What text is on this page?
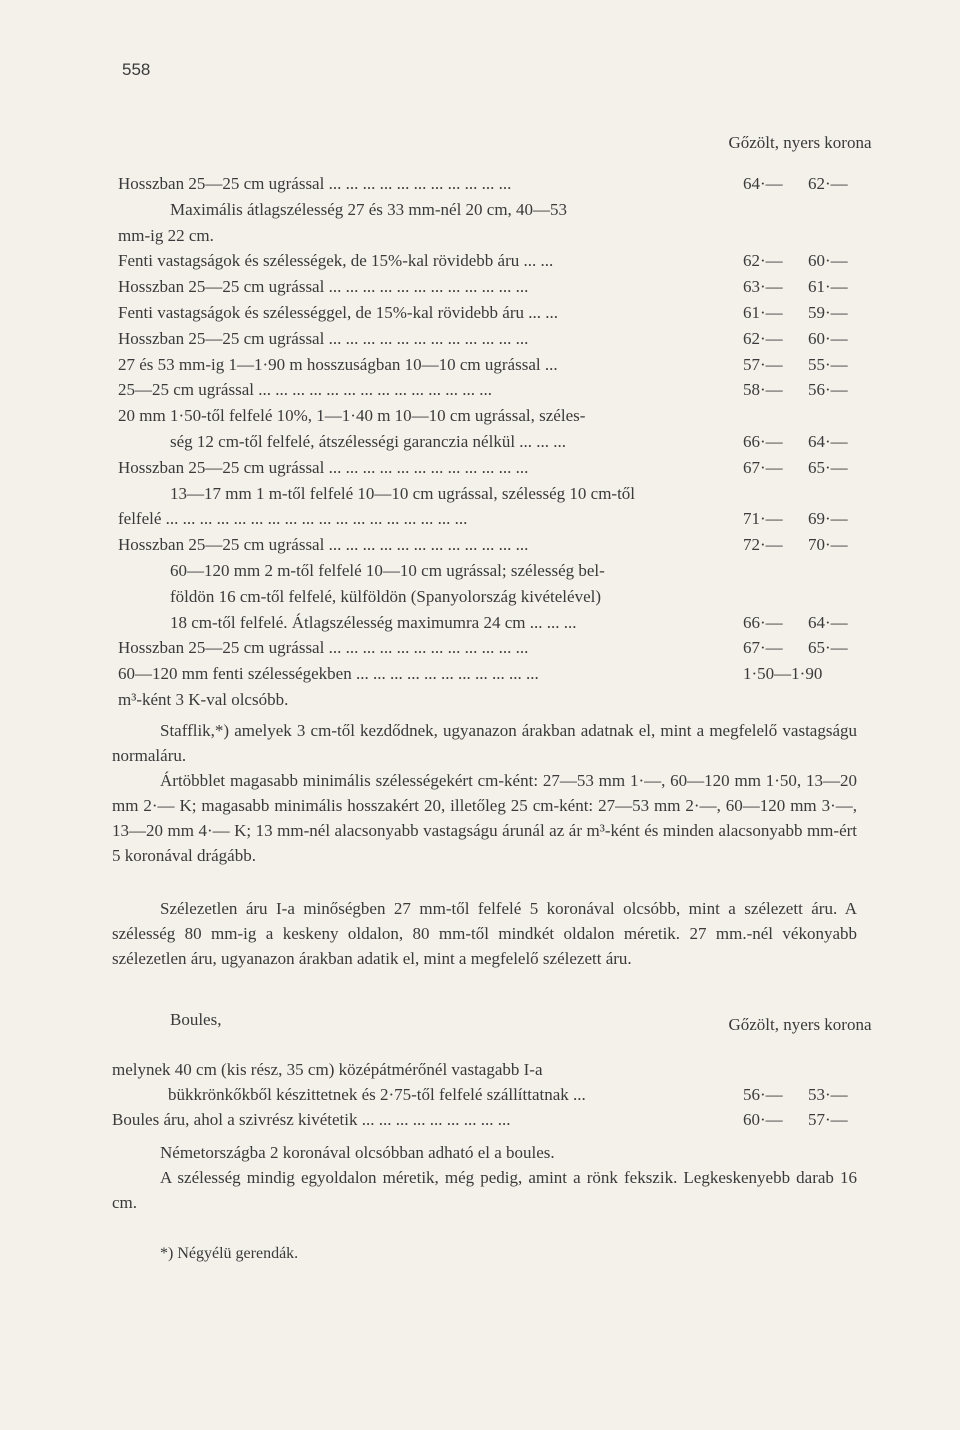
558
Gőzölt, nyers korona
Hosszban 25—25 cm ugrással ... ... ... ... ... ... ... ... ... ... ...	64·—	62·—
Maximális átlagszélesség 27 és 33 mm-nél 20 cm, 40—53
mm-ig 22 cm.
Fenti vastagságok és szélességek, de 15%-kal rövidebb áru ... ...	62·—	60·—
Hosszban 25—25 cm ugrással ... ... ... ... ... ... ... ... ... ... ... ...	63·—	61·—
Fenti vastagságok és szélességgel, de 15%-kal rövidebb áru ... ...	61·—	59·—
Hosszban 25—25 cm ugrással ... ... ... ... ... ... ... ... ... ... ... ...	62·—	60·—
27 és 53 mm-ig 1—1·90 m hosszuságban 10—10 cm ugrással ...	57·—	55·—
25—25 cm ugrással ... ... ... ... ... ... ... ... ... ... ... ... ... ...	58·—	56·—
20 mm 1·50-től felfelé 10%, 1—1·40 m 10—10 cm ugrással, széles-
ség 12 cm-től felfelé, átszélességi garanczia nélkül ... ... ...	66·—	64·—
Hosszban 25—25 cm ugrással ... ... ... ... ... ... ... ... ... ... ... ...	67·—	65·—
13—17 mm 1 m-től felfelé 10—10 cm ugrással, szélesség 10 cm-től
felfelé ... ... ... ... ... ... ... ... ... ... ... ... ... ... ... ... ... ...	71·—	69·—
Hosszban 25—25 cm ugrással ... ... ... ... ... ... ... ... ... ... ... ...	72·—	70·—
60—120 mm 2 m-től felfelé 10—10 cm ugrással; szélesség bel-
földön 16 cm-től felfelé, külföldön (Spanyolország kivételével)
18 cm-től felfelé. Átlagszélesség maximumra 24 cm ... ... ...	66·—	64·—
Hosszban 25—25 cm ugrással ... ... ... ... ... ... ... ... ... ... ... ...	67·—	65·—
60—120 mm fenti szélességekben ... ... ... ... ... ... ... ... ... ... ...	1·50—1·90
m³-ként 3 K-val olcsóbb.
Stafflik,*) amelyek 3 cm-től kezdődnek, ugyanazon árakban adatnak el, mint a megfelelő vastagságu normaláru.
Ártöbblet magasabb minimális szélességekért cm-ként: 27—53 mm 1·—, 60—120 mm 1·50, 13—20 mm 2·— K; magasabb minimális hosszakért 20, illetőleg 25 cm-ként: 27—53 mm 2·—, 60—120 mm 3·—, 13—20 mm 4·— K; 13 mm-nél alacsonyabb vastagságu árunál az ár m³-ként és minden alacsonyabb mm-ért 5 koronával drágább.
Szélezetlen áru I-a minőségben 27 mm-től felfelé 5 koronával olcsóbb, mint a szélezett áru. A szélesség 80 mm-ig a keskeny oldalon, 80 mm-től mindkét oldalon méretik. 27 mm.-nél vékonyabb szélezetlen áru, ugyanazon árakban adatik el, mint a megfelelő szélezett áru.
Boules,	Gőzölt, nyers korona
melynek 40 cm (kis rész, 35 cm) középátmérőnél vastagabb I-a
bükkrönkőkből készittetnek és 2·75-től felfelé szállíttatnak ...	56·—	53·—
Boules áru, ahol a szivrész kivétetik ... ... ... ... ... ... ... ... ...	60·—	57·—
Németországba 2 koronával olcsóbban adható el a boules.
A szélesség mindig egyoldalon méretik, még pedig, amint a rönk fekszik. Legkeskenyebb darab 16 cm.
*) Négyélü gerendák.
